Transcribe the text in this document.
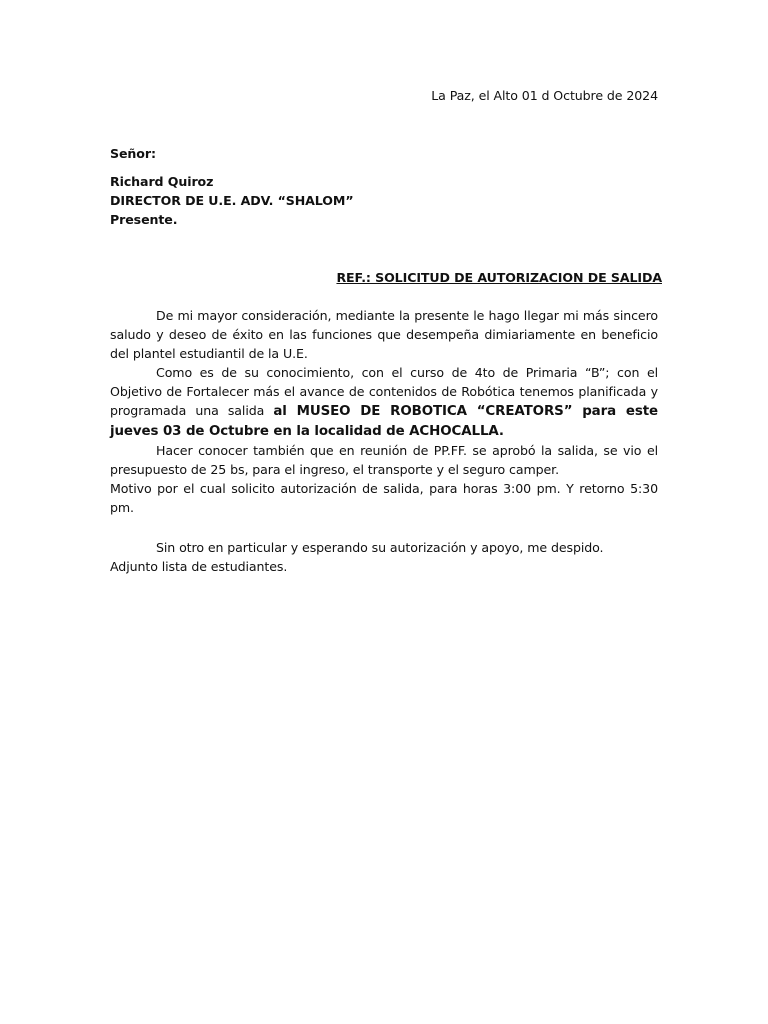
La Paz, el Alto 01 d Octubre de 2024
Señor:
Richard Quiroz
DIRECTOR DE U.E. ADV. “SHALOM”
Presente.
REF.: SOLICITUD DE AUTORIZACION DE SALIDA

De mi mayor consideración, mediante la presente le hago llegar mi más sincero saludo y deseo de éxito en las funciones que desempeña dimiariamente en beneficio del plantel estudiantil de la U.E.

Como es de su conocimiento, con el curso de 4to de Primaria “B”; con el Objetivo de Fortalecer más el avance de contenidos de Robótica tenemos planificada y programada una salida al MUSEO DE ROBOTICA “CREATORS” para este jueves 03 de Octubre en la localidad de ACHOCALLA.

Hacer conocer también que en reunión de PP.FF. se aprobó la salida, se vio el presupuesto de 25 bs, para el ingreso, el transporte y el seguro camper.

Motivo por el cual solicito autorización de salida, para horas 3:00 pm. Y retorno 5:30 pm.

Sin otro en particular y esperando su autorización y apoyo, me despido.

Adjunto lista de estudiantes.
